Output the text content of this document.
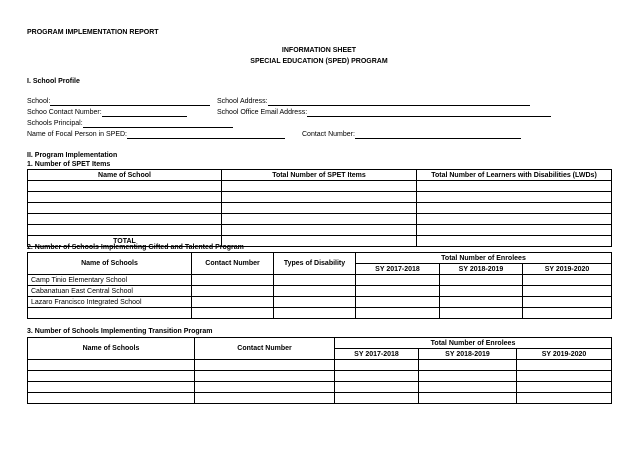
PROGRAM IMPLEMENTATION REPORT
INFORMATION SHEET
SPECIAL EDUCATION (SPED) PROGRAM
I. School Profile
School:	School Address:
Schoo Contact Number:	School Office Email Address:
Schools Principal:
Name of Focal Person in SPED:	Contact Number:
II. Program Implementation
1. Number of SPET Items
Name of School	Total Number of SPET Items	Total Number of Learners with Disabilities (LWDs)

TOTAL		
2. Number of Schools Implementing Gifted and Talented Program
Name of Schools	Contact Number	Types of Disability	Total Number of Enrolees		
			SY 2017-2018	SY 2018-2019	SY 2019-2020
Camp Tinio Elementary School					
Cabanatuan East Central School					
Lazaro Francisco Integrated School					

3. Number of Schools Implementing Transition Program
Name of Schools	Contact Number	Total Number of Enrolees		
		SY 2017-2018	SY 2018-2019	SY 2019-2020
